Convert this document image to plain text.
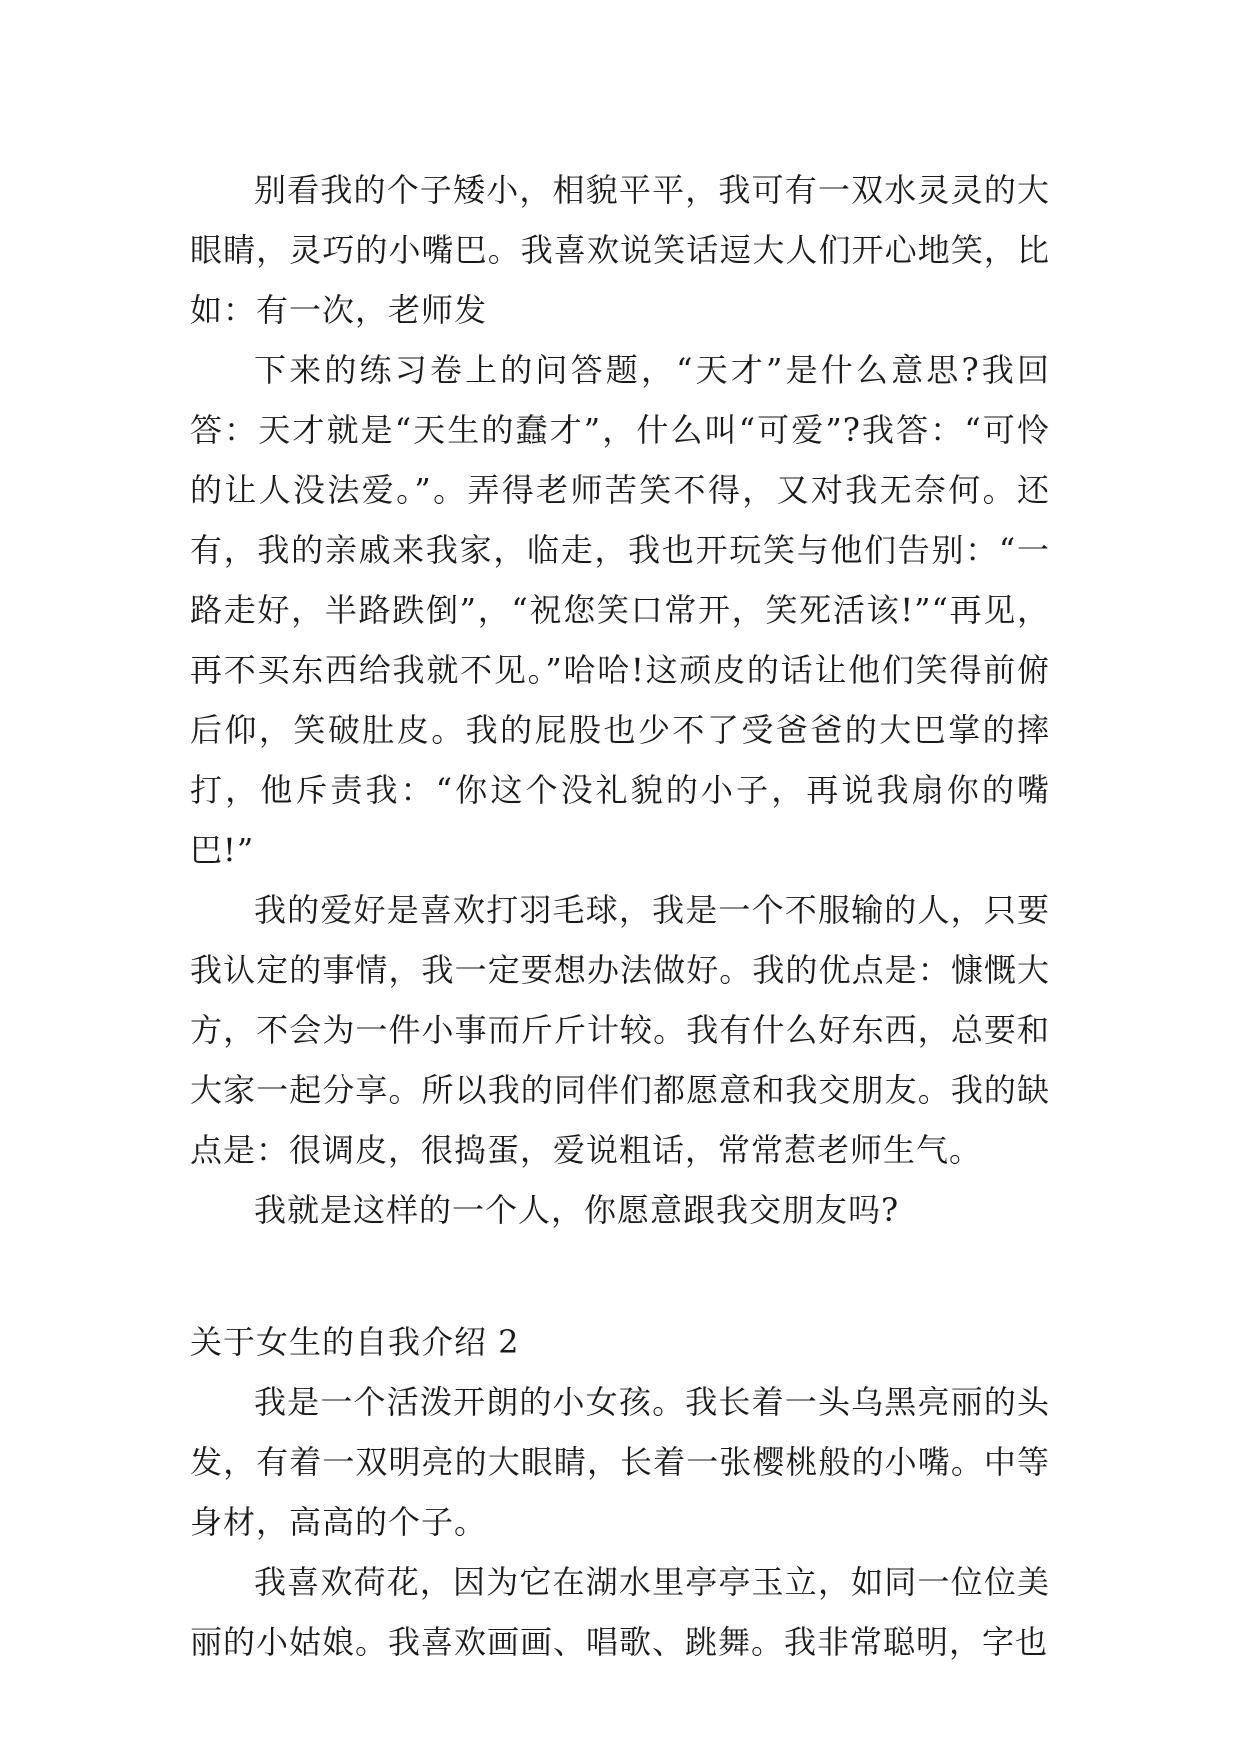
别看我的个子矮小，相貌平平，我可有一双水灵灵的大眼睛，灵巧的小嘴巴。我喜欢说笑话逗大人们开心地笑，比如：有一次，老师发

下来的练习卷上的问答题，“天才”是什么意思?我回答：天才就是“天生的蠢才”，什么叫“可爱”?我答：“可怜的让人没法爱。”。弄得老师苦笑不得，又对我无奈何。还有，我的亲戚来我家，临走，我也开玩笑与他们告别：“一路走好，半路跌倒”，“祝您笑口常开，笑死活该!”“再见，再不买东西给我就不见。”哈哈!这顽皮的话让他们笑得前俯后仰，笑破肚皮。我的屁股也少不了受爸爸的大巴掌的摔打，他斥责我：“你这个没礼貌的小子，再说我扇你的嘴巴!”

我的爱好是喜欢打羽毛球，我是一个不服输的人，只要我认定的事情，我一定要想办法做好。我的优点是：慷慨大方，不会为一件小事而斤斤计较。我有什么好东西，总要和大家一起分享。所以我的同伴们都愿意和我交朋友。我的缺点是：很调皮，很捣蛋，爱说粗话，常常惹老师生气。

我就是这样的一个人，你愿意跟我交朋友吗?

关于女生的自我介绍 2

我是一个活泼开朗的小女孩。我长着一头乌黑亮丽的头发，有着一双明亮的大眼睛，长着一张樱桃般的小嘴。中等身材，高高的个子。

我喜欢荷花，因为它在湖水里亭亭玉立，如同一位位美丽的小姑娘。我喜欢画画、唱歌、跳舞。我非常聪明，字也
